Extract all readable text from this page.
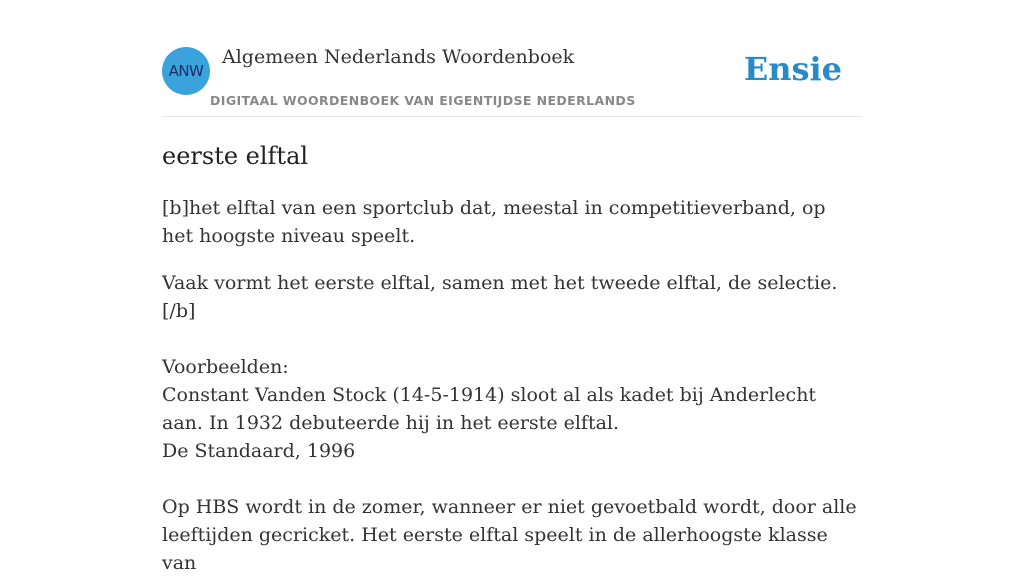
ANW
Algemeen Nederlands Woordenboek
DIGITAAL WOORDENBOEK VAN EIGENTIJDSE NEDERLANDS
Ensie
eerste elftal
[b]het elftal van een sportclub dat, meestal in competitieverband, op het hoogste niveau speelt.

Vaak vormt het eerste elftal, samen met het tweede elftal, de selectie.[/b]

Voorbeelden:

Constant Vanden Stock (14-5-1914) sloot al als kadet bij Anderlecht aan. In 1932 debuteerde hij in het eerste elftal.

De Standaard, 1996

Op HBS wordt in de zomer, wanneer er niet gevoetbald wordt, door alle leeftijden gecricket. Het eerste elftal speelt in de allerhoogste klasse van
